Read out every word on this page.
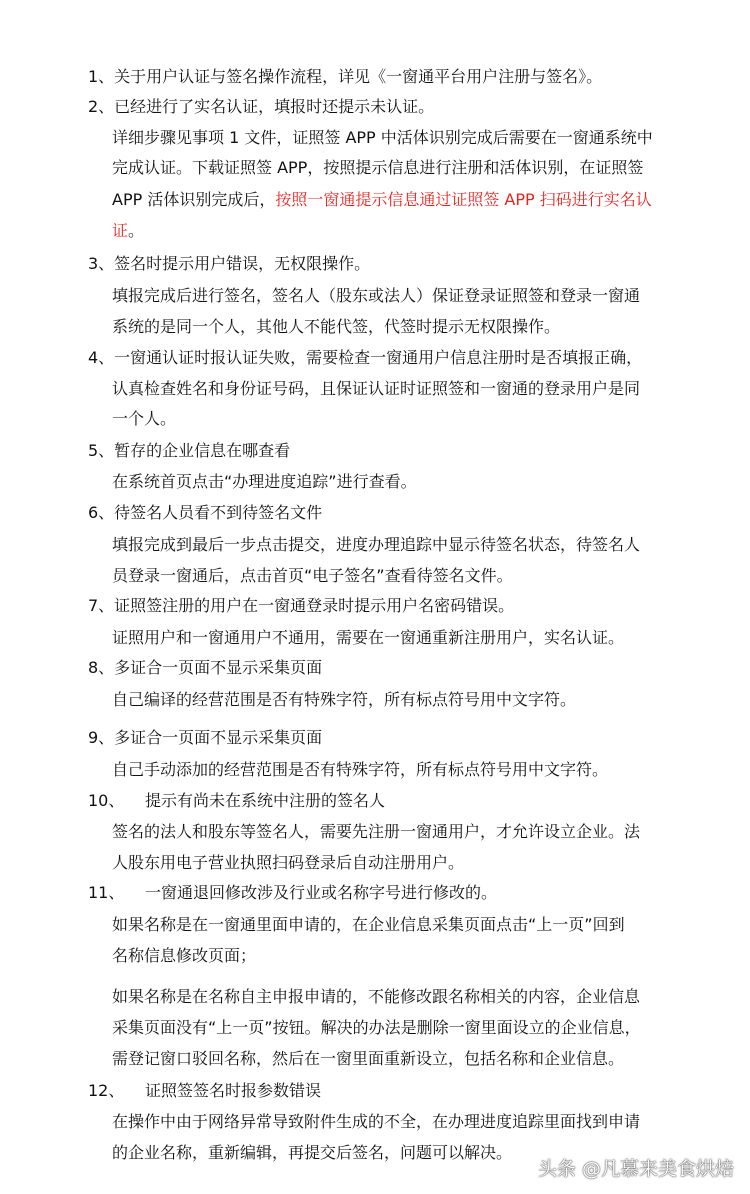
1、关于用户认证与签名操作流程，详见《一窗通平台用户注册与签名》。
2、已经进行了实名认证，填报时还提示未认证。
详细步骤见事项 1 文件，证照签 APP 中活体识别完成后需要在一窗通系统中
完成认证。下载证照签 APP，按照提示信息进行注册和活体识别，在证照签
APP 活体识别完成后，按照一窗通提示信息通过证照签 APP 扫码进行实名认
证。
3、签名时提示用户错误，无权限操作。
填报完成后进行签名，签名人（股东或法人）保证登录证照签和登录一窗通
系统的是同一个人，其他人不能代签，代签时提示无权限操作。
4、一窗通认证时报认证失败，需要检查一窗通用户信息注册时是否填报正确，
认真检查姓名和身份证号码，且保证认证时证照签和一窗通的登录用户是同
一个人。
5、暂存的企业信息在哪查看
在系统首页点击“办理进度追踪”进行查看。
6、待签名人员看不到待签名文件
填报完成到最后一步点击提交，进度办理追踪中显示待签名状态，待签名人
员登录一窗通后，点击首页“电子签名”查看待签名文件。
7、证照签注册的用户在一窗通登录时提示用户名密码错误。
证照用户和一窗通用户不通用，需要在一窗通重新注册用户，实名认证。
8、多证合一页面不显示采集页面
自己编译的经营范围是否有特殊字符，所有标点符号用中文字符。
9、多证合一页面不显示采集页面
自己手动添加的经营范围是否有特殊字符，所有标点符号用中文字符。
10、 提示有尚未在系统中注册的签名人
签名的法人和股东等签名人，需要先注册一窗通用户，才允许设立企业。法
人股东用电子营业执照扫码登录后自动注册用户。
11、 一窗通退回修改涉及行业或名称字号进行修改的。
如果名称是在一窗通里面申请的，在企业信息采集页面点击“上一页”回到
名称信息修改页面；
如果名称是在名称自主申报申请的，不能修改跟名称相关的内容，企业信息
采集页面没有“上一页”按钮。解决的办法是删除一窗里面设立的企业信息，
需登记窗口驳回名称，然后在一窗里面重新设立，包括名称和企业信息。
12、 证照签签名时报参数错误
在操作中由于网络异常导致附件生成的不全，在办理进度追踪里面找到申请
的企业名称，重新编辑，再提交后签名，问题可以解决。
头条 @凡慕来美食烘焙
